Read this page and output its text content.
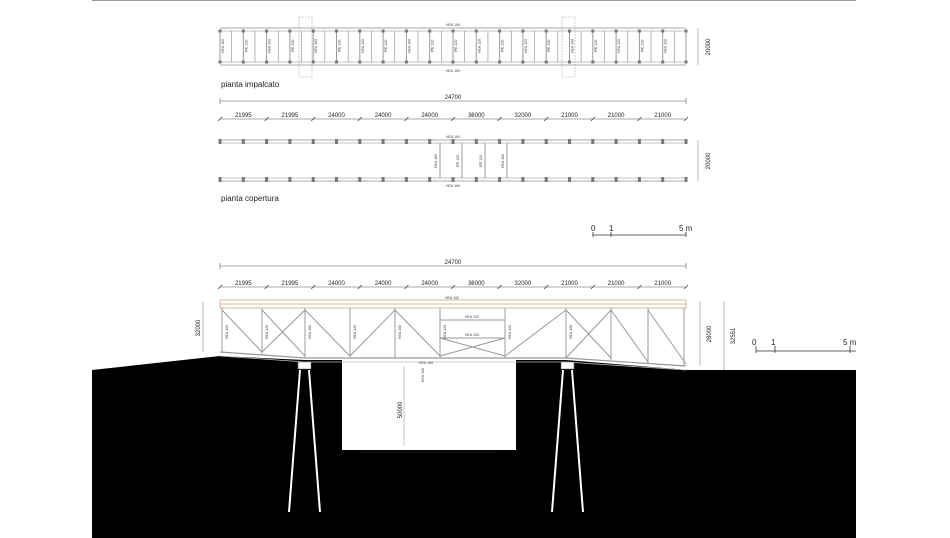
pianta impalcato
pianta copertura
HEA 160
HEA 160
HEA 160	IPE 120	HEA 120	IPE 120	HEA 160	IPE 120	HEA 120	IPE 120	HEA 160	IPE 120	IPE 120	HEA 120	IPE 120	HEA 120	IPE 120	HEA 160	IPE 120	HEA 120	IPE 120	HEA 120	20000
24700
21995	21995	24000	24000	24000	36000	32000	21000	21000	21000
HEA 160
HEA 160
HEA 160	IPE 120	IPE 120	HEA 160	20000
0 1	5 m
24700
21995	21995	24000	24000	24000	36000	32000	21000	21000	21000
50000
HEA 160
HEA 160
HEA 160	HEA 120	HEA 160	HEA 120	HEA 160	HEA 120	HEA 120	HEA 160
HEA 120
HEA 120
HEA 160
32000	28000	32551 0 1	5 m
